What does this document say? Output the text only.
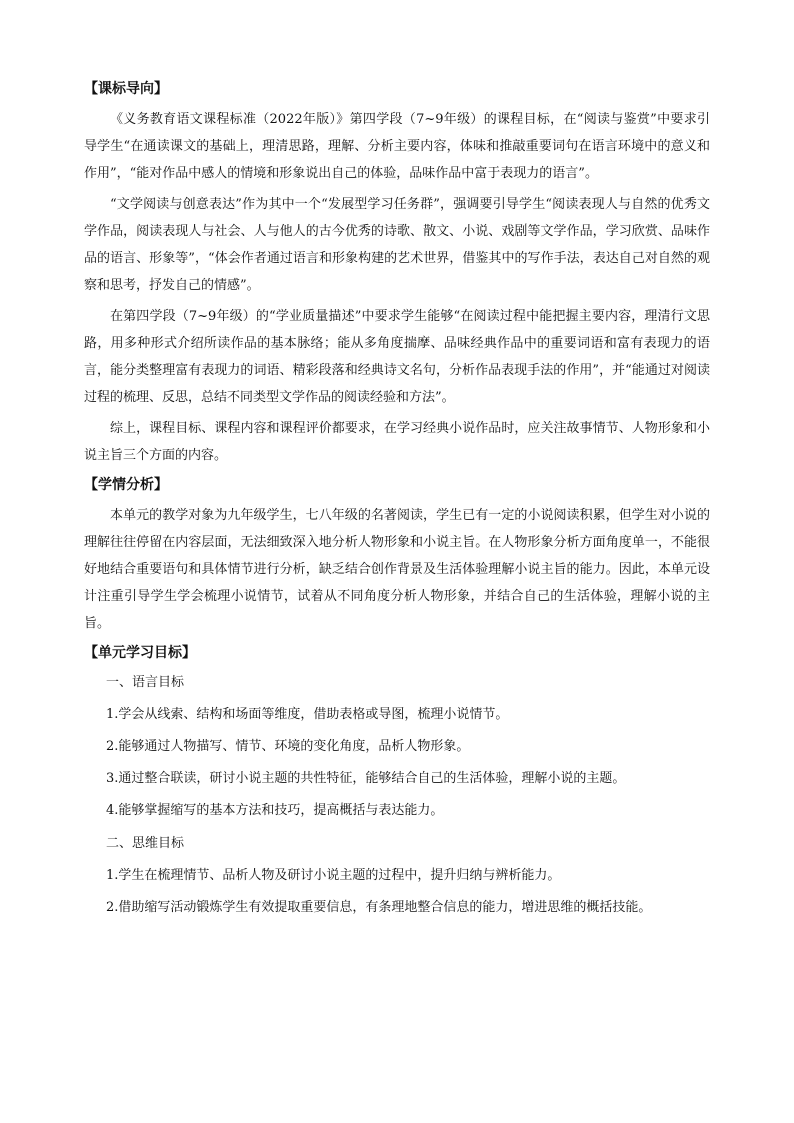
【课标导向】

《义务教育语文课程标准（2022年版）》第四学段（7~9年级）的课程目标，在“阅读与鉴赏”中要求引导学生“在通读课文的基础上，理清思路，理解、分析主要内容，体味和推敲重要词句在语言环境中的意义和作用”，“能对作品中感人的情境和形象说出自己的体验，品味作品中富于表现力的语言”。

“文学阅读与创意表达”作为其中一个“发展型学习任务群”，强调要引导学生“阅读表现人与自然的优秀文学作品，阅读表现人与社会、人与他人的古今优秀的诗歌、散文、小说、戏剧等文学作品，学习欣赏、品味作品的语言、形象等”，“体会作者通过语言和形象构建的艺术世界，借鉴其中的写作手法，表达自己对自然的观察和思考，抒发自己的情感”。

在第四学段（7~9年级）的“学业质量描述”中要求学生能够“在阅读过程中能把握主要内容，理清行文思路，用多种形式介绍所读作品的基本脉络；能从多角度揣摩、品味经典作品中的重要词语和富有表现力的语言，能分类整理富有表现力的词语、精彩段落和经典诗文名句，分析作品表现手法的作用”，并“能通过对阅读过程的梳理、反思，总结不同类型文学作品的阅读经验和方法”。

综上，课程目标、课程内容和课程评价都要求，在学习经典小说作品时，应关注故事情节、人物形象和小说主旨三个方面的内容。

【学情分析】

本单元的教学对象为九年级学生，七八年级的名著阅读，学生已有一定的小说阅读积累，但学生对小说的理解往往停留在内容层面，无法细致深入地分析人物形象和小说主旨。在人物形象分析方面角度单一，不能很好地结合重要语句和具体情节进行分析，缺乏结合创作背景及生活体验理解小说主旨的能力。因此，本单元设计注重引导学生学会梳理小说情节，试着从不同角度分析人物形象，并结合自己的生活体验，理解小说的主旨。

【单元学习目标】

一、语言目标

1.学会从线索、结构和场面等维度，借助表格或导图，梳理小说情节。

2.能够通过人物描写、情节、环境的变化角度，品析人物形象。

3.通过整合联读，研讨小说主题的共性特征，能够结合自己的生活体验，理解小说的主题。

4.能够掌握缩写的基本方法和技巧，提高概括与表达能力。

二、思维目标

1.学生在梳理情节、品析人物及研讨小说主题的过程中，提升归纳与辨析能力。

2.借助缩写活动锻炼学生有效提取重要信息，有条理地整合信息的能力，增进思维的概括技能。
